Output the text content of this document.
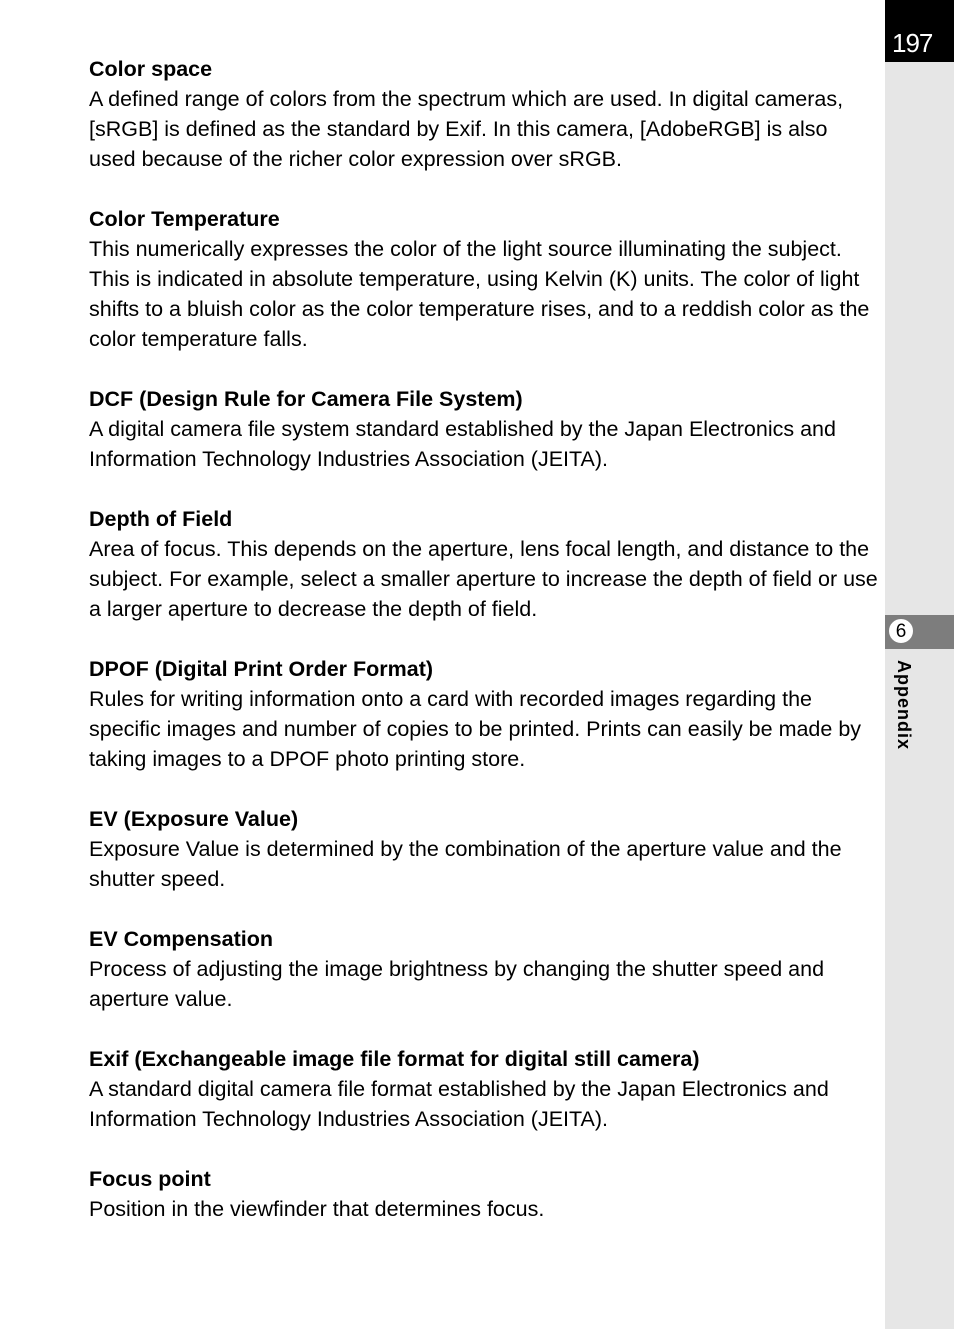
Color space

A defined range of colors from the spectrum which are used. In digital cameras, [sRGB] is defined as the standard by Exif. In this camera, [AdobeRGB] is also used because of the richer color expression over sRGB.

Color Temperature

This numerically expresses the color of the light source illuminating the subject. This is indicated in absolute temperature, using Kelvin (K) units. The color of light shifts to a bluish color as the color temperature rises, and to a reddish color as the color temperature falls.

DCF (Design Rule for Camera File System)

A digital camera file system standard established by the Japan Electronics and Information Technology Industries Association (JEITA).

Depth of Field

Area of focus. This depends on the aperture, lens focal length, and distance to the subject. For example, select a smaller aperture to increase the depth of field or use a larger aperture to decrease the depth of field.

DPOF (Digital Print Order Format)

Rules for writing information onto a card with recorded images regarding the specific images and number of copies to be printed. Prints can easily be made by taking images to a DPOF photo printing store.

EV (Exposure Value)

Exposure Value is determined by the combination of the aperture value and the shutter speed.

EV Compensation

Process of adjusting the image brightness by changing the shutter speed and aperture value.

Exif (Exchangeable image file format for digital still camera)

A standard digital camera file format established by the Japan Electronics and Information Technology Industries Association (JEITA).

Focus point

Position in the viewfinder that determines focus.

197
6
Appendix
